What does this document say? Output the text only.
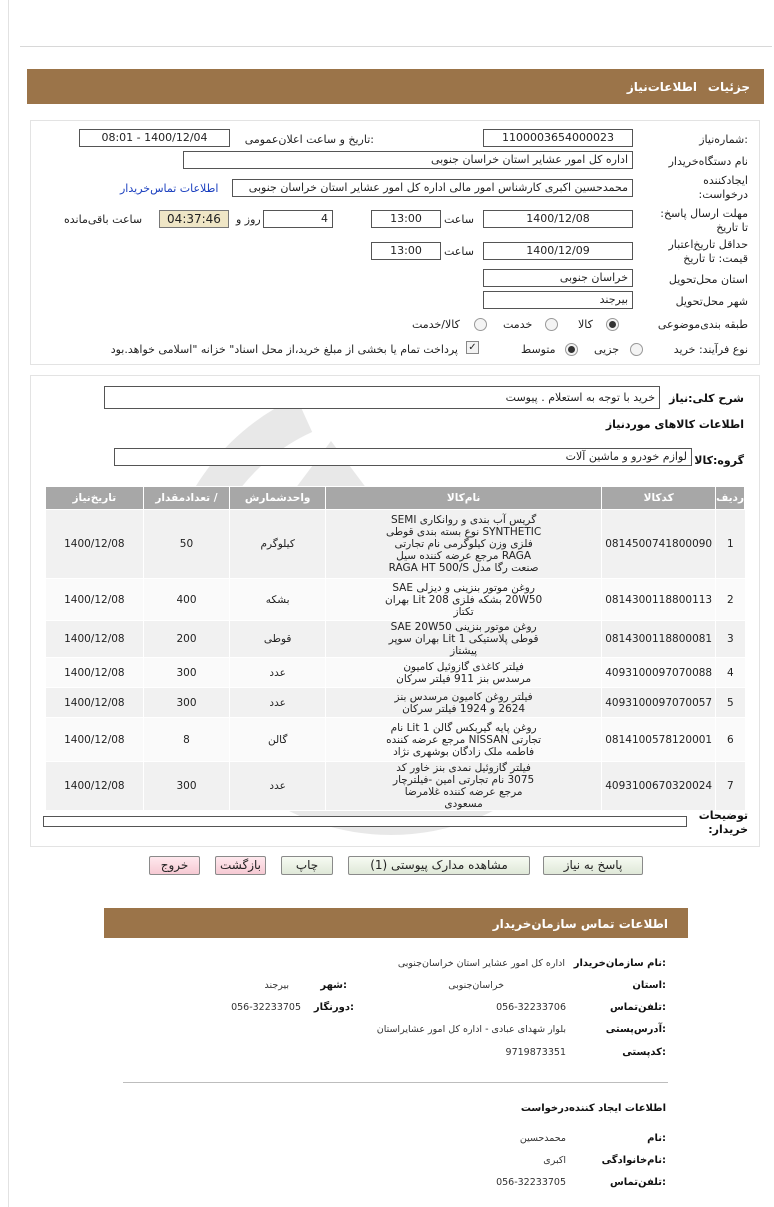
اطلاعات‌نیاز جزئیات
شماره‌نیاز:
1100003654000023
تاریخ و ساعت اعلان‌عمومی:
1400/12/04 - 08:01
نام دستگاه‌خریدار
اداره کل امور عشایر استان خراسان جنوبی
ایجادکننده درخواست:
محمدحسین اکبری کارشناس امور مالی اداره کل امور عشایر استان خراسان جنوبی
اطلاعات تماس‌خریدار
مهلت ارسال پاسخ: تا تاریخ
1400/12/08
ساعت
13:00
4
روز و
04:37:46
ساعت باقی‌مانده
حداقل تاریخ‌اعتبار قیمت: تا تاریخ
1400/12/09
ساعت
13:00
استان محل‌تحویل
خراسان جنوبی
شهر محل‌تحویل
بیرجند
طبقه بندی‌موضوعی
کالا
خدمت
کالا/خدمت
نوع فرآیند: خرید
جزیی
متوسط
✓
پرداخت تمام یا بخشی از مبلغ خرید،از محل اسناد" خزانه "اسلامی خواهد.بود
شرح کلی:نیاز
خرید با توجه به استعلام . پیوست
اطلاعات کالاهای موردنیاز
گروه:کالا
لوازم خودرو و ماشین آلات
ردیف	کدکالا	نام‌کالا	واحدشمارش	/ تعدادمقدار	تاریخ‌نیاز
1	0814500741800090	گریس آب بندی و روانکاری SEMI SYNTHETIC نوع بسته بندی قوطی فلزی وزن کیلوگرمی نام تجارتی RAGA مرجع عرضه کننده سیل صنعت رگا مدل RAGA HT 500/S	کیلوگرم	50	1400/12/08
2	0814300118800113	روغن موتور بنزینی و دیزلی SAE 20W50 بشکه فلزی 208 Lit بهران تکتاز	بشکه	400	1400/12/08
3	0814300118800081	روغن موتور بنزینی SAE 20W50 قوطی پلاستیکی 1 Lit بهران سوپر پیشتاز	قوطی	200	1400/12/08
4	4093100097070088	فیلتر کاغذی گازوئیل کامیون مرسدس بنز 911 فیلتر سرکان	عدد	300	1400/12/08
5	4093100097070057	فیلتر روغن کامیون مرسدس بنز 2624 و 1924 فیلتر سرکان	عدد	300	1400/12/08
6	0814100578120001	روغن پایه گیربکس گالن 1 Lit نام تجارتی NISSAN مرجع عرضه کننده فاطمه ملک زادگان بوشهری نژاد	گالن	8	1400/12/08
7	4093100670320024	فیلتر گازوئیل نمدی بنز خاور کد 3075 نام تجارتی امین -فیلترچار مرجع عرضه کننده غلامرضا مسعودی	عدد	300	1400/12/08
توضیحات خریدار:
پاسخ به نیاز
مشاهده مدارک پیوستی (1)
چاپ
بازگشت
خروج
اطلاعات تماس سازمان‌خریدار
نام سازمان‌خریدار:
اداره کل امور عشایر استان خراسان‌جنوبی
استان:
خراسان‌جنوبی
شهر:
بیرجند
تلفن‌تماس:
056-32233706
دورنگار:
056-32233705
آدرس‌پستی:
بلوار شهدای عبادی - اداره کل امور عشایراستان
کدپستی:
9719873351
اطلاعات ایجاد کننده‌درخواست
نام:
محمدحسین
نام‌خانوادگی:
اکبری
تلفن‌تماس:
056-32233705
